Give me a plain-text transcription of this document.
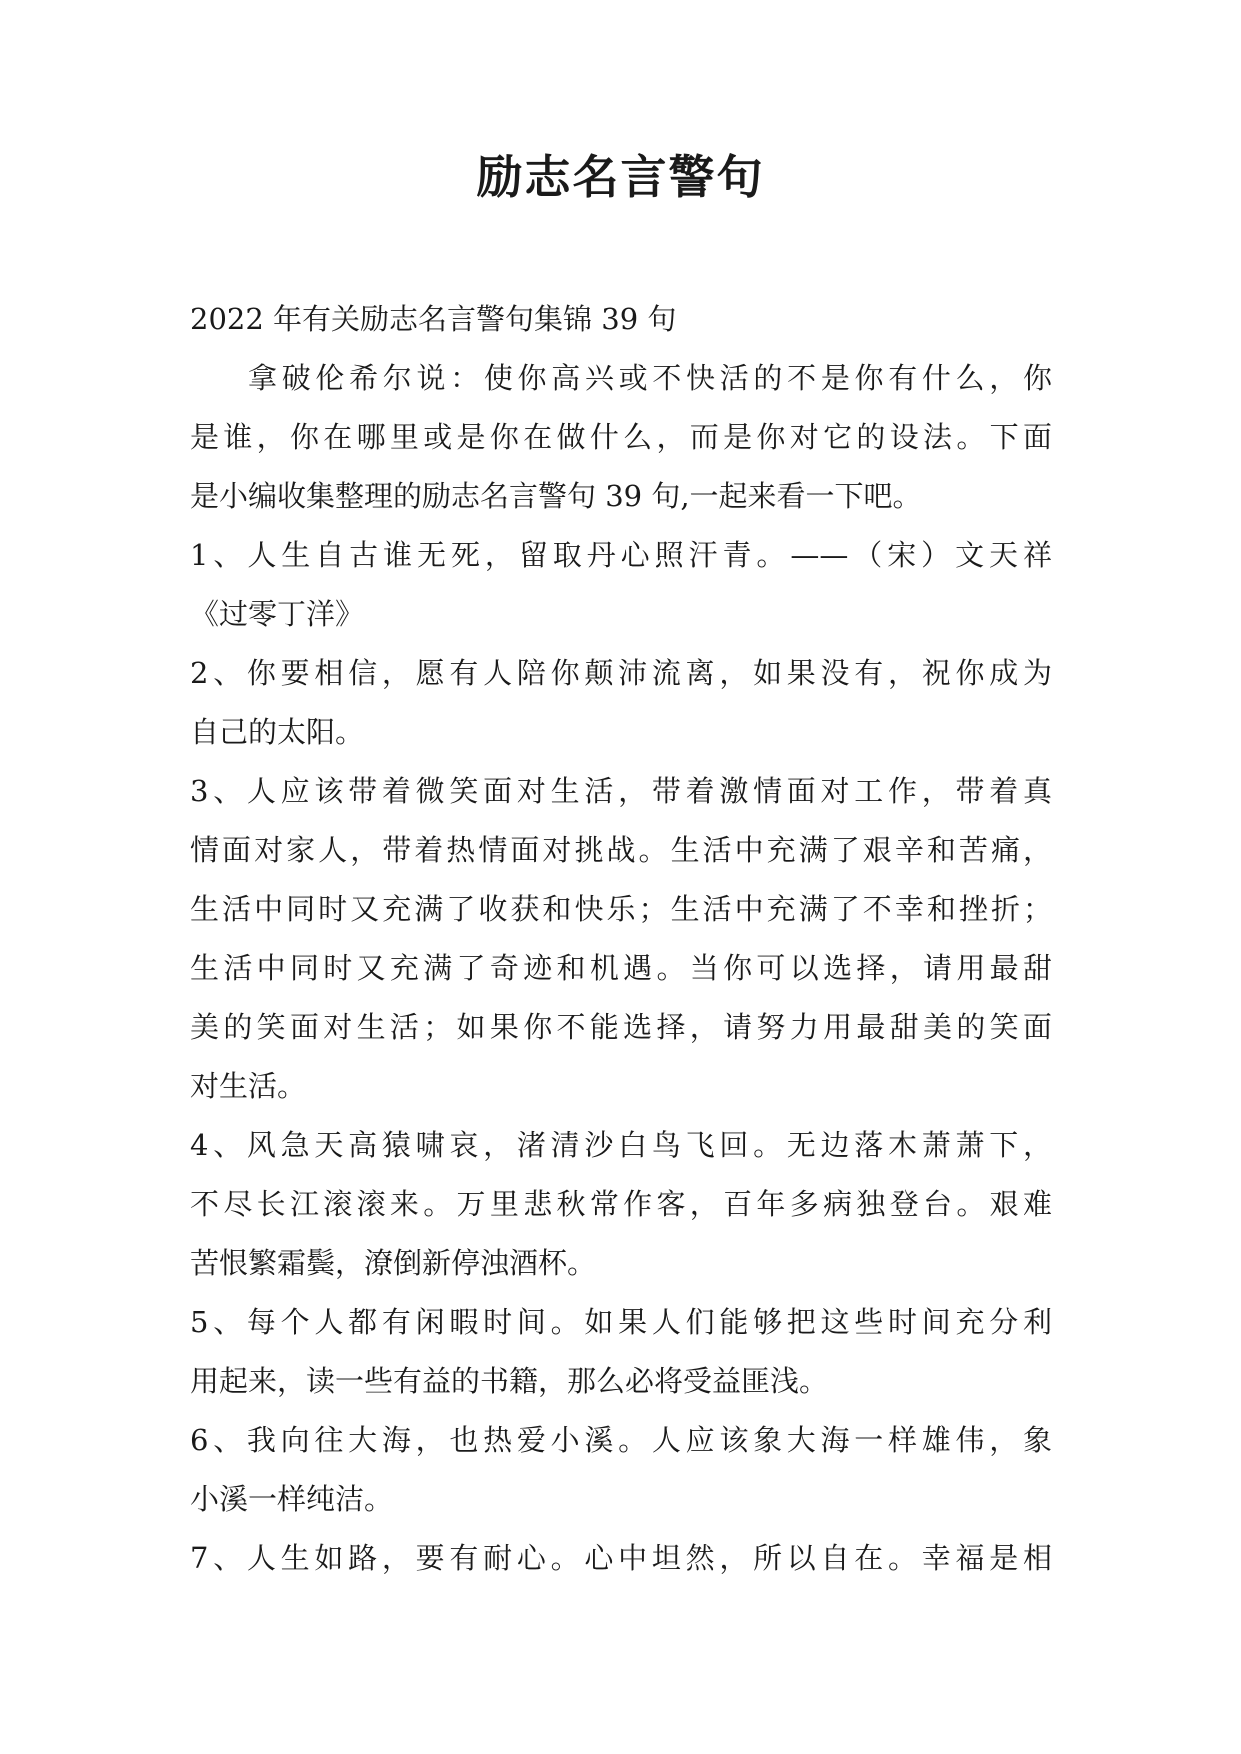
励志名言警句
2022 年有关励志名言警句集锦 39 句
拿破伦希尔说：使你高兴或不快活的不是你有什么，你
是谁，你在哪里或是你在做什么，而是你对它的设法。下面
是小编收集整理的励志名言警句 39 句,一起来看一下吧。
1、人生自古谁无死，留取丹心照汗青。——（宋）文天祥
《过零丁洋》
2、你要相信，愿有人陪你颠沛流离，如果没有，祝你成为
自己的太阳。
3、人应该带着微笑面对生活，带着激情面对工作，带着真
情面对家人，带着热情面对挑战。生活中充满了艰辛和苦痛，
生活中同时又充满了收获和快乐；生活中充满了不幸和挫折；
生活中同时又充满了奇迹和机遇。当你可以选择，请用最甜
美的笑面对生活；如果你不能选择，请努力用最甜美的笑面
对生活。
4、风急天高猿啸哀，渚清沙白鸟飞回。无边落木萧萧下，
不尽长江滚滚来。万里悲秋常作客，百年多病独登台。艰难
苦恨繁霜鬓，潦倒新停浊酒杯。
5、每个人都有闲暇时间。如果人们能够把这些时间充分利
用起来，读一些有益的书籍，那么必将受益匪浅。
6、我向往大海，也热爱小溪。人应该象大海一样雄伟，象
小溪一样纯洁。
7、人生如路，要有耐心。心中坦然，所以自在。幸福是相
